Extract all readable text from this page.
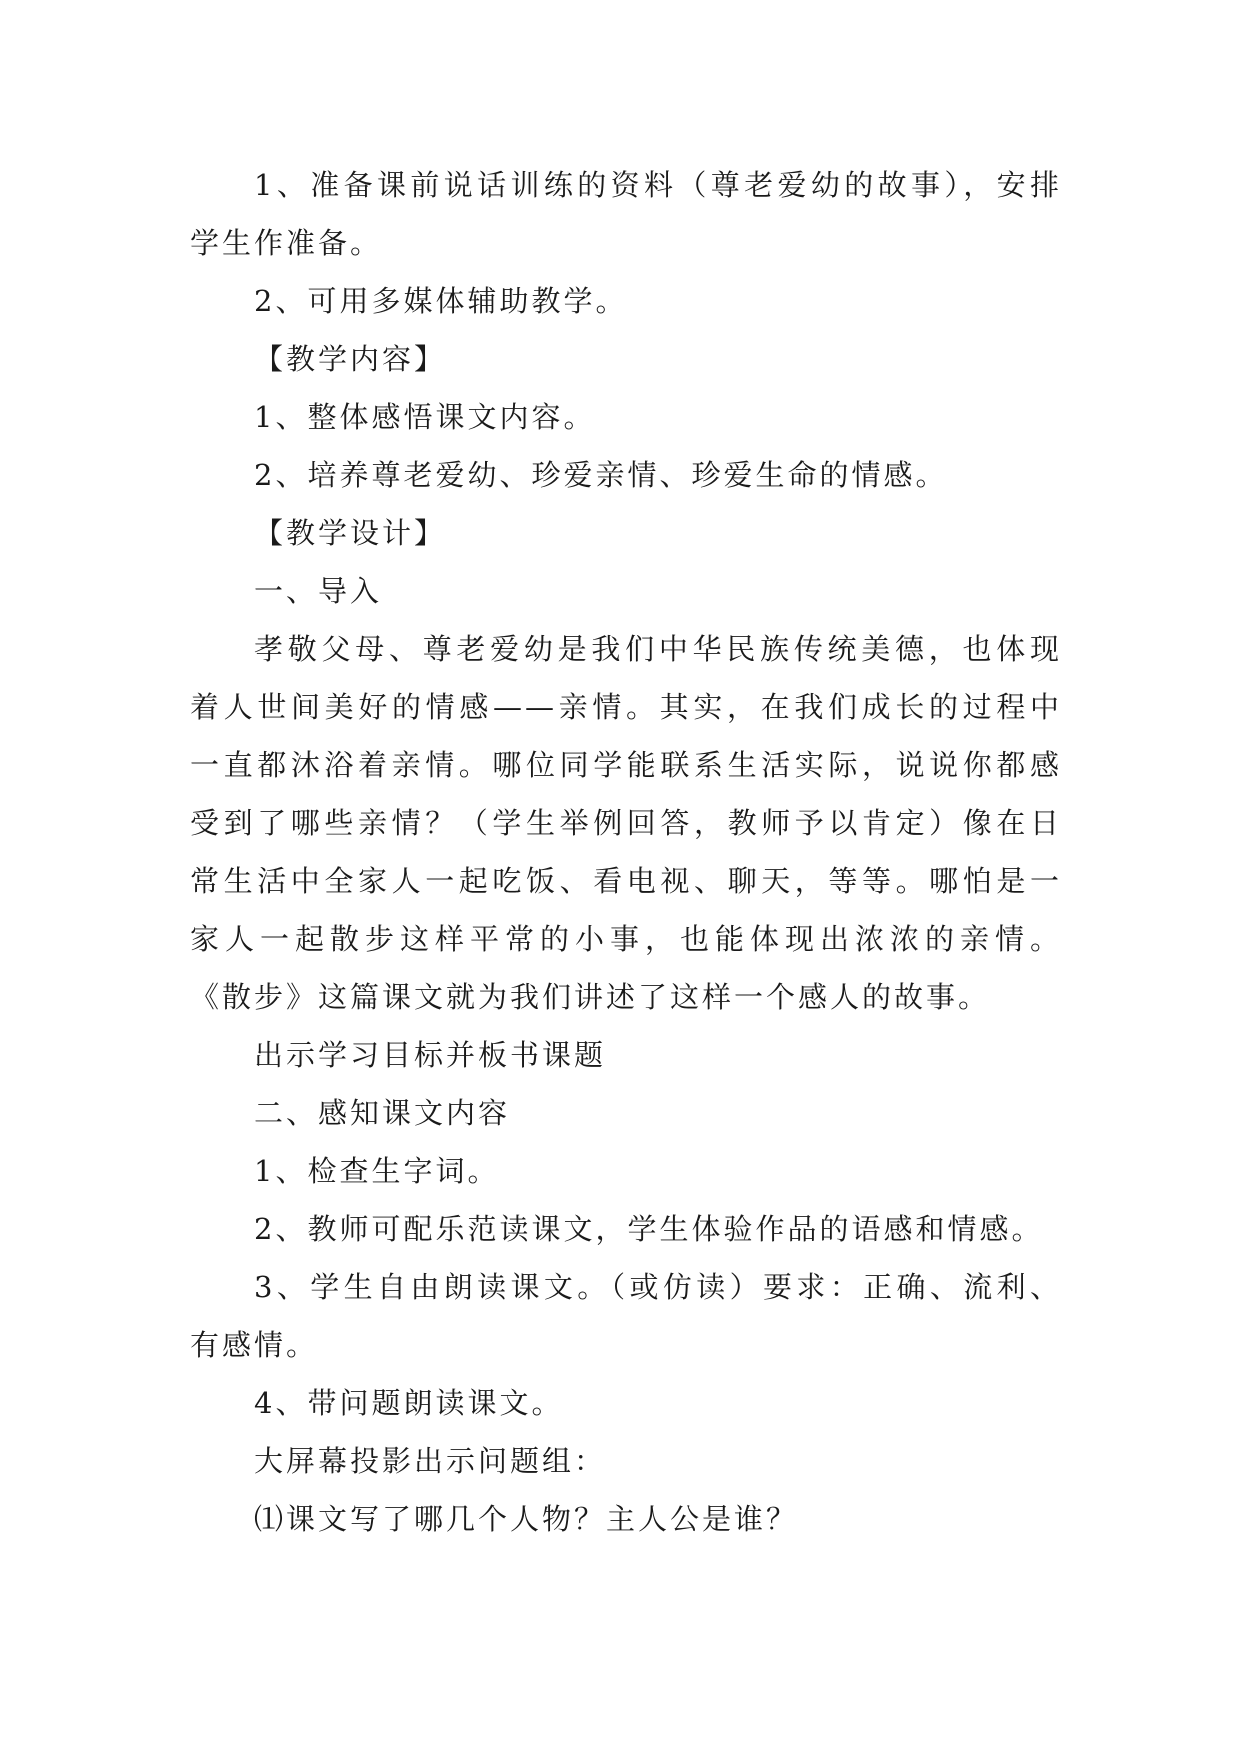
1、准备课前说话训练的资料（尊老爱幼的故事），安排
学生作准备。
2、可用多媒体辅助教学。
【教学内容】
1、整体感悟课文内容。
2、培养尊老爱幼、珍爱亲情、珍爱生命的情感。
【教学设计】
一、导入
孝敬父母、尊老爱幼是我们中华民族传统美德，也体现
着人世间美好的情感——亲情。其实，在我们成长的过程中
一直都沐浴着亲情。哪位同学能联系生活实际，说说你都感
受到了哪些亲情？（学生举例回答，教师予以肯定）像在日
常生活中全家人一起吃饭、看电视、聊天，等等。哪怕是一
家人一起散步这样平常的小事，也能体现出浓浓的亲情。
《散步》这篇课文就为我们讲述了这样一个感人的故事。
出示学习目标并板书课题
二、感知课文内容
1、检查生字词。
2、教师可配乐范读课文，学生体验作品的语感和情感。
3、学生自由朗读课文。（或仿读）要求：正确、流利、
有感情。
4、带问题朗读课文。
大屏幕投影出示问题组：
⑴课文写了哪几个人物？主人公是谁？
